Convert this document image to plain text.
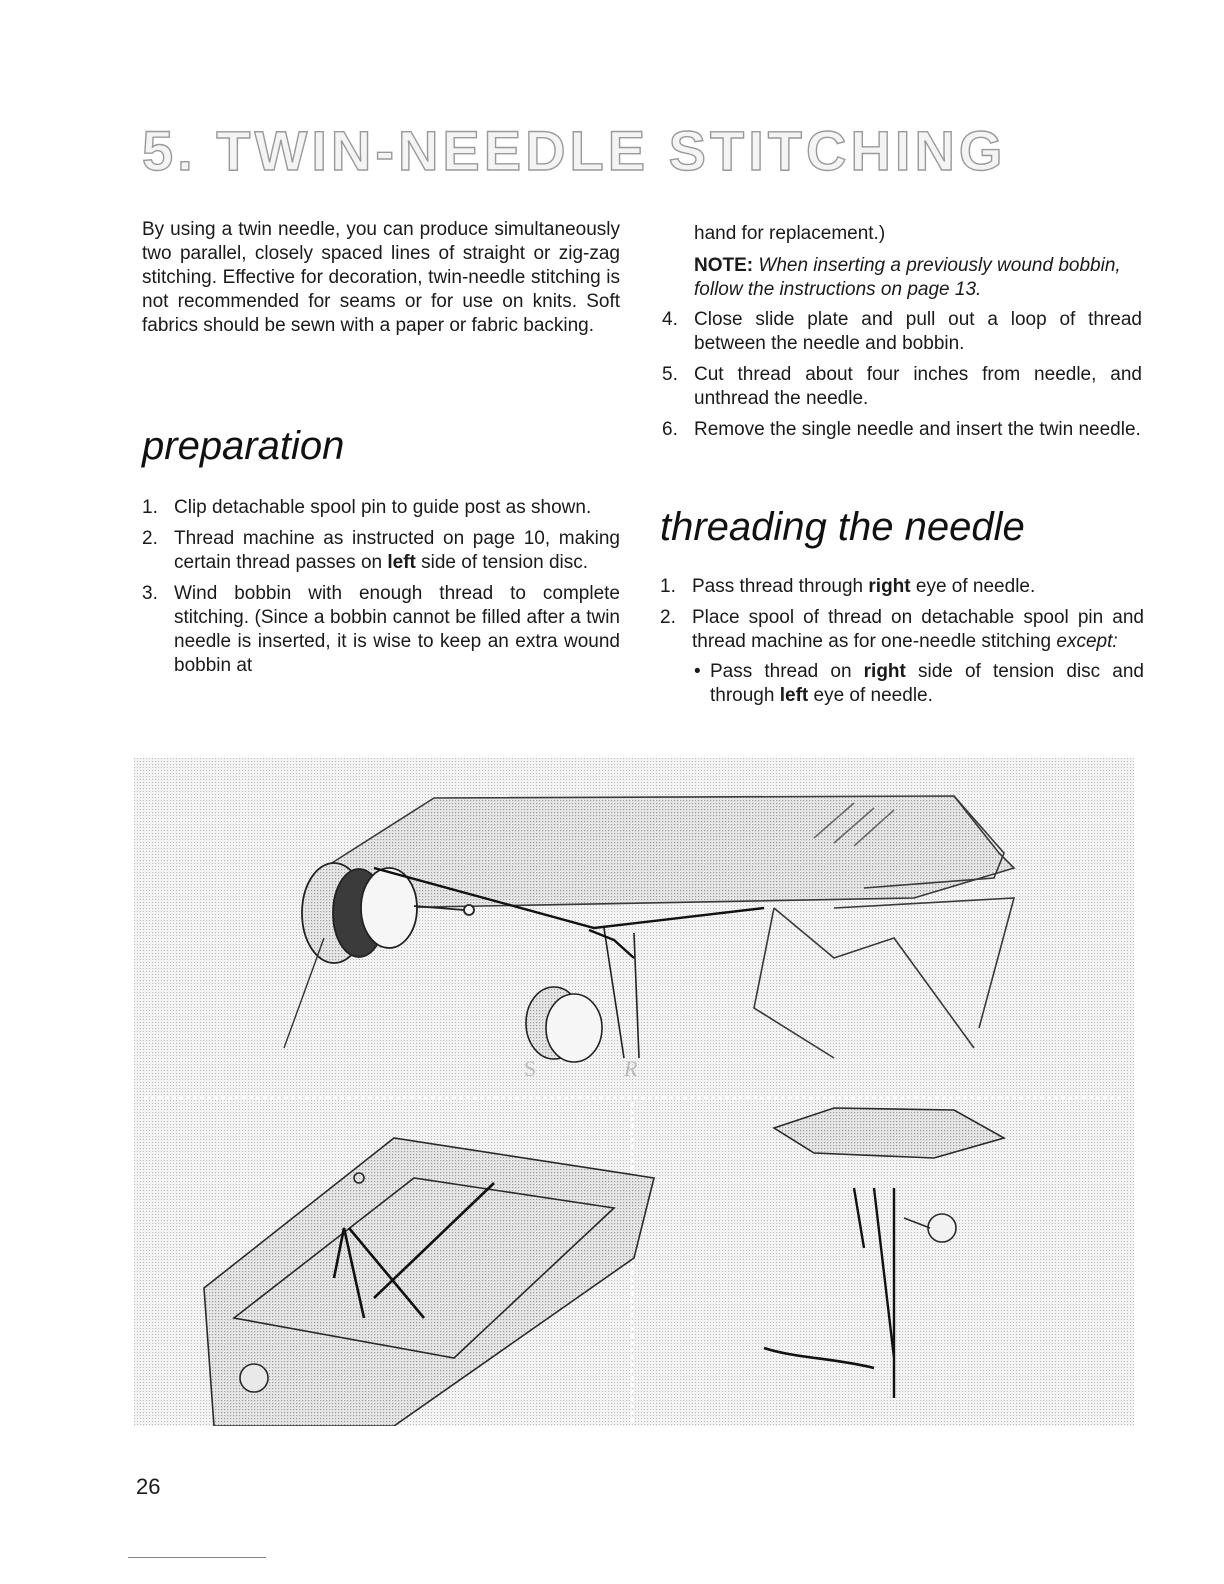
5. TWIN-NEEDLE STITCHING

By using a twin needle, you can produce simultaneously two parallel, closely spaced lines of straight or zig-zag stitching. Effective for decoration, twin-needle stitching is not recommended for seams or for use on knits. Soft fabrics should be sewn with a paper or fabric backing.

preparation
1. Clip detachable spool pin to guide post as shown.
2. Thread machine as instructed on page 10, making certain thread passes on left side of tension disc.
3. Wind bobbin with enough thread to complete stitching. (Since a bobbin cannot be filled after a twin needle is inserted, it is wise to keep an extra wound bobbin at
hand for replacement.)
NOTE: When inserting a previously wound bobbin, follow the instructions on page 13.
4. Close slide plate and pull out a loop of thread between the needle and bobbin.
5. Cut thread about four inches from needle, and unthread the needle.
6. Remove the single needle and insert the twin needle.
threading the needle
1. Pass thread through right eye of needle.
2. Place spool of thread on detachable spool pin and thread machine as for one-needle stitching except:
• Pass thread on right side of tension disc and through left eye of needle.
S	R
26
